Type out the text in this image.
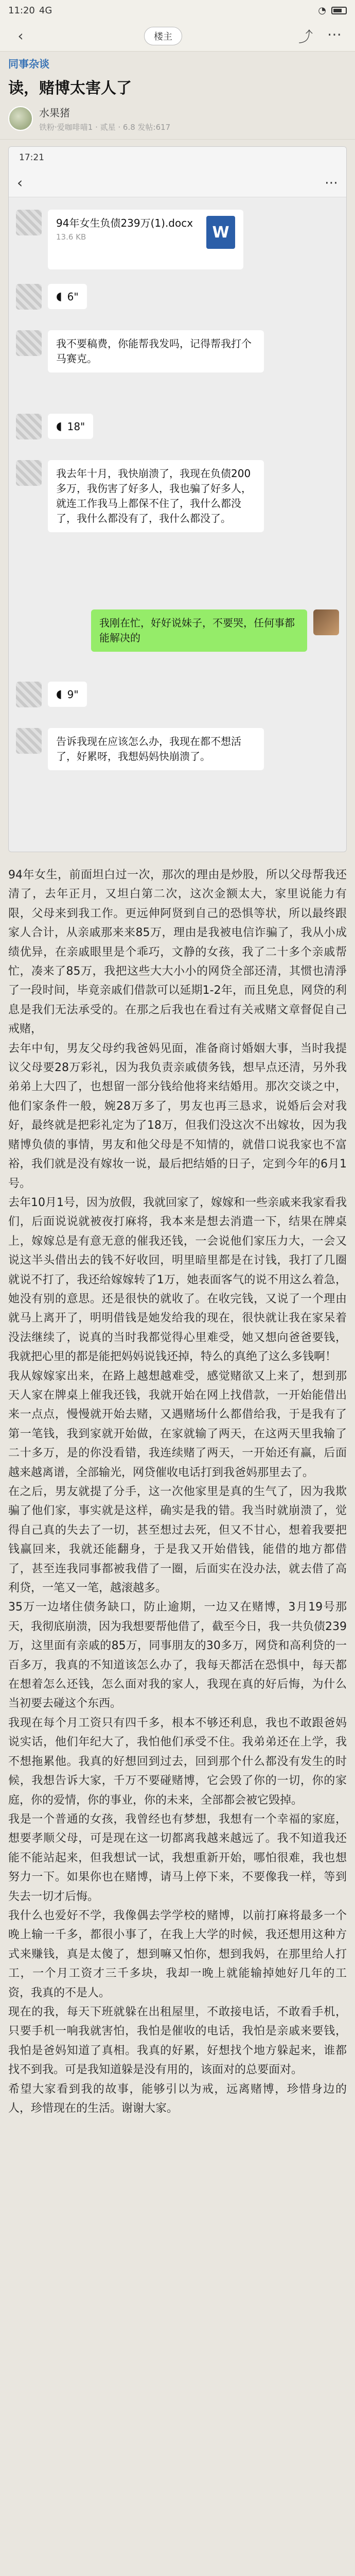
11:20 4G	◔
‹	楼主	⤴	⋯
同事杂谈
读，赌博太害人了
水果猪
铁粉·爱咖啡喵1 · 贰星 · 6.8 发帖:617
17:21
‹	⋯
94年女生负债239万(1).docx
13.6 KB	W
◖ 6"
我不要稿费，你能帮我发吗，记得帮我打个马赛克。
◖ 18"
我去年十月，我快崩溃了，我现在负债200多万，我伤害了好多人，我也骗了好多人，就连工作我马上都保不住了，我什么都没了，我什么都没有了，我什么都没了。
我刚在忙，好好说妹子，不要哭，任何事都能解决的
◖ 9"
告诉我现在应该怎么办，我现在都不想活了，好累呀，我想妈妈快崩溃了。

94年女生，前面坦白过一次，那次的理由是炒股，所以父母帮我还清了，去年正月，又坦白第二次，这次金额太大，家里说能力有限，父母来到我工作。更远伸阿贤到自己的恐惧等状，所以最终跟家人合计，从亲戚那来来85万，理由是我被电信诈骗了，我从小成绩优异，在亲戚眼里是个乖巧，文静的女孩，我了二十多个亲戚帮忙，凑来了85万，我把这些大大小小的网贷全部还清，其惯也清淨了一段时间，毕竟亲戚们借款可以延期1-2年，而且免息，网贷的利息是我们无法承受的。在那之后我也在看过有关戒赌文章督促自己戒赌，

去年中旬，男友父母约我爸妈见面，准备商讨婚姻大事，当时我提议父母要28万彩礼，因为我负责亲戚债务钱，想早点还清，另外我弟弟上大四了，也想留一部分钱给他将来结婚用。那次交谈之中，他们家条件一般，婉28万多了，男友也再三恳求，说婚后会对我好，最终就是把彩礼定为了18万，但我们没这次不出嫁妆，因为我赌博负债的事情，男友和他父母是不知情的，就借口说我家也不富裕，我们就是没有嫁妆一说，最后把结婚的日子，定到今年的6月1号。

去年10月1号，因为放假，我就回家了，嫁嫁和一些亲戚来我家看我们，后面说说就被夜打麻将，我本来是想去消遣一下，结果在牌桌上，嫁嫁总是有意无意的催我还钱，一会说他们家压力大，一会又说这半头借出去的钱不好收回，明里暗里都是在讨钱，我打了几圈就说不打了，我还给嫁嫁转了1万，她表面客气的说不用这么着急，她没有别的意思。还是很快的就收了。在收完钱，又说了一个理由就马上离开了，明明借钱是她发给我的现在，很快就让我在家呆着没法继续了，说真的当时我都觉得心里难受，她又想向爸爸要钱，我就把心里的都是能把妈妈说钱还掉，特么的真绝了这么多钱啊！

我从嫁嫁家出来，在路上越想越难受，感觉赌欲又上来了，想到那天人家在牌桌上催我还钱，我就开始在网上找借款，一开始能借出来一点点，慢慢就开始去赌，又遇赌场什么都借给我，于是我有了第一笔钱，我到家就开始做，在家就输了两天，在这两天里我输了二十多万，是的你没看错，我连续赌了两天，一开始还有赢，后面越来越离谱，全部输光，网贷催收电话打到我爸妈那里去了。

在之后，男友就提了分手，这一次他家里是真的生气了，因为我欺骗了他们家，事实就是这样，确实是我的错。我当时就崩溃了，觉得自己真的失去了一切，甚至想过去死，但又不甘心，想着我要把钱赢回来，我就还能翻身，于是我又开始借钱，能借的地方都借了，甚至连我同事都被我借了一圈，后面实在没办法，就去借了高利贷，一笔又一笔，越滚越多。

35万一边堵住债务缺口，防止逾期，一边又在赌博，3月19号那天，我彻底崩溃，因为我想要帮他借了，截至今日，我一共负债239万，这里面有亲戚的85万，同事朋友的30多万，网贷和高利贷的一百多万，我真的不知道该怎么办了，我每天都活在恐惧中，每天都在想着怎么还钱，怎么面对我的家人，我现在真的好后悔，为什么当初要去碰这个东西。

我现在每个月工资只有四千多，根本不够还利息，我也不敢跟爸妈说实话，他们年纪大了，我怕他们承受不住。我弟弟还在上学，我不想拖累他。我真的好想回到过去，回到那个什么都没有发生的时候，我想告诉大家，千万不要碰赌博，它会毁了你的一切，你的家庭，你的爱情，你的事业，你的未来，全部都会被它毁掉。

我是一个普通的女孩，我曾经也有梦想，我想有一个幸福的家庭，想要孝顺父母，可是现在这一切都离我越来越远了。我不知道我还能不能站起来，但我想试一试，我想重新开始，哪怕很难，我也想努力一下。如果你也在赌博，请马上停下来，不要像我一样，等到失去一切才后悔。

我什么也爱好不学，我像偶去学学校的赌博，以前打麻将最多一个晚上输一千多，都很小事了，在我上大学的时候，我还想用这种方式来赚钱，真是太傻了，想到嘛又怕你，想到我妈，在那里给人打工，一个月工资才三千多块，我却一晚上就能输掉她好几年的工资，我真的不是人。

现在的我，每天下班就躲在出租屋里，不敢接电话，不敢看手机，只要手机一响我就害怕，我怕是催收的电话，我怕是亲戚来要钱，我怕是爸妈知道了真相。我真的好累，好想找个地方躲起来，谁都找不到我。可是我知道躲是没有用的，该面对的总要面对。

希望大家看到我的故事，能够引以为戒，远离赌博，珍惜身边的人，珍惜现在的生活。谢谢大家。
